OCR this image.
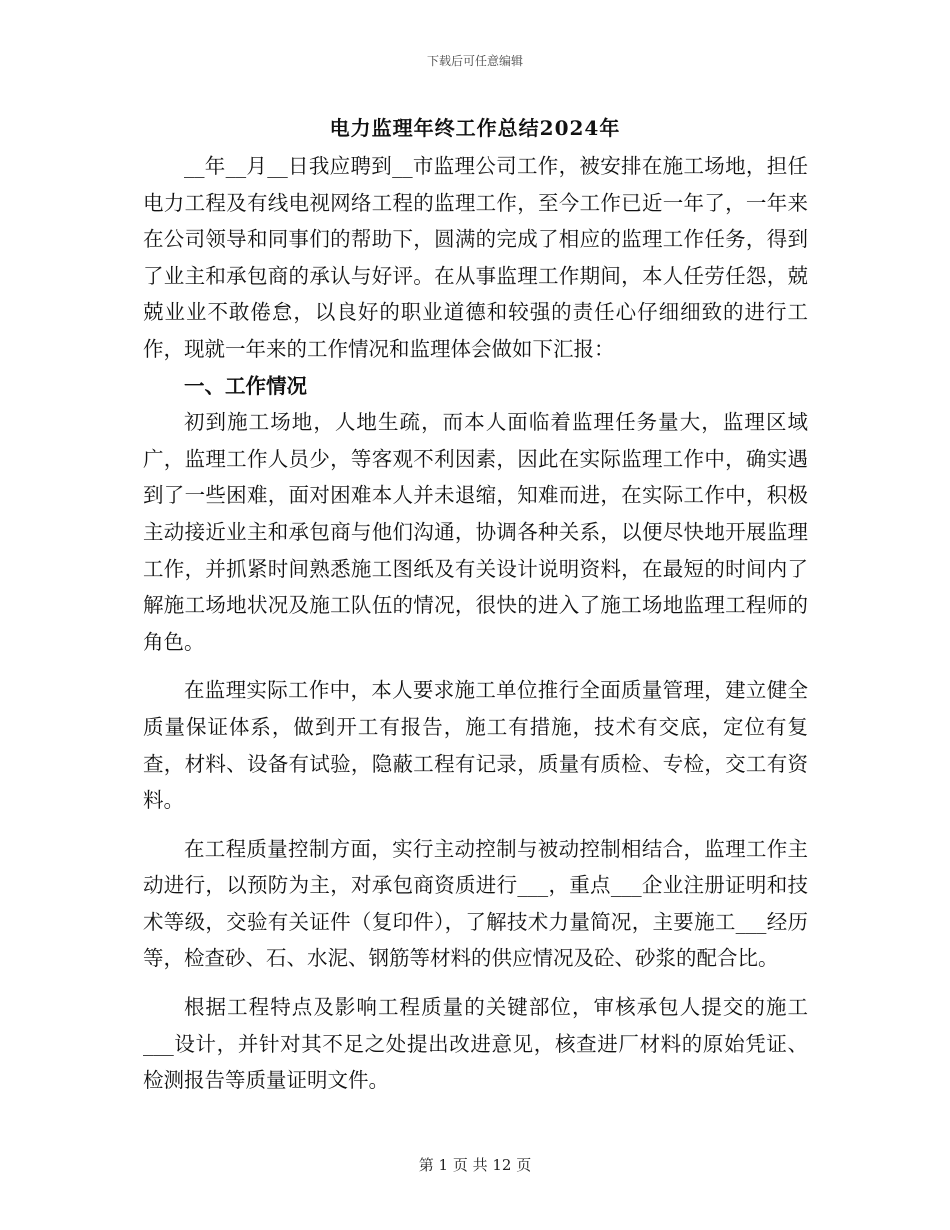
下载后可任意编辑
电力监理年终工作总结2024年

__年__月__日我应聘到__市监理公司工作，被安排在施工场地，担任电力工程及有线电视网络工程的监理工作，至今工作已近一年了，一年来在公司领导和同事们的帮助下，圆满的完成了相应的监理工作任务，得到了业主和承包商的承认与好评。在从事监理工作期间，本人任劳任怨，兢兢业业不敢倦怠，以良好的职业道德和较强的责任心仔细细致的进行工作，现就一年来的工作情况和监理体会做如下汇报：

一、工作情况

初到施工场地，人地生疏，而本人面临着监理任务量大，监理区域广，监理工作人员少，等客观不利因素，因此在实际监理工作中，确实遇到了一些困难，面对困难本人并未退缩，知难而进，在实际工作中，积极主动接近业主和承包商与他们沟通，协调各种关系，以便尽快地开展监理工作，并抓紧时间熟悉施工图纸及有关设计说明资料，在最短的时间内了解施工场地状况及施工队伍的情况，很快的进入了施工场地监理工程师的角色。

在监理实际工作中，本人要求施工单位推行全面质量管理，建立健全质量保证体系，做到开工有报告，施工有措施，技术有交底，定位有复查，材料、设备有试验，隐蔽工程有记录，质量有质检、专检，交工有资料。

在工程质量控制方面，实行主动控制与被动控制相结合，监理工作主动进行，以预防为主，对承包商资质进行___，重点___企业注册证明和技术等级，交验有关证件（复印件），了解技术力量简况，主要施工___经历等，检查砂、石、水泥、钢筋等材料的供应情况及砼、砂浆的配合比。

根据工程特点及影响工程质量的关键部位，审核承包人提交的施工___设计，并针对其不足之处提出改进意见，核查进厂材料的原始凭证、检测报告等质量证明文件。

第 1 页 共 12 页
